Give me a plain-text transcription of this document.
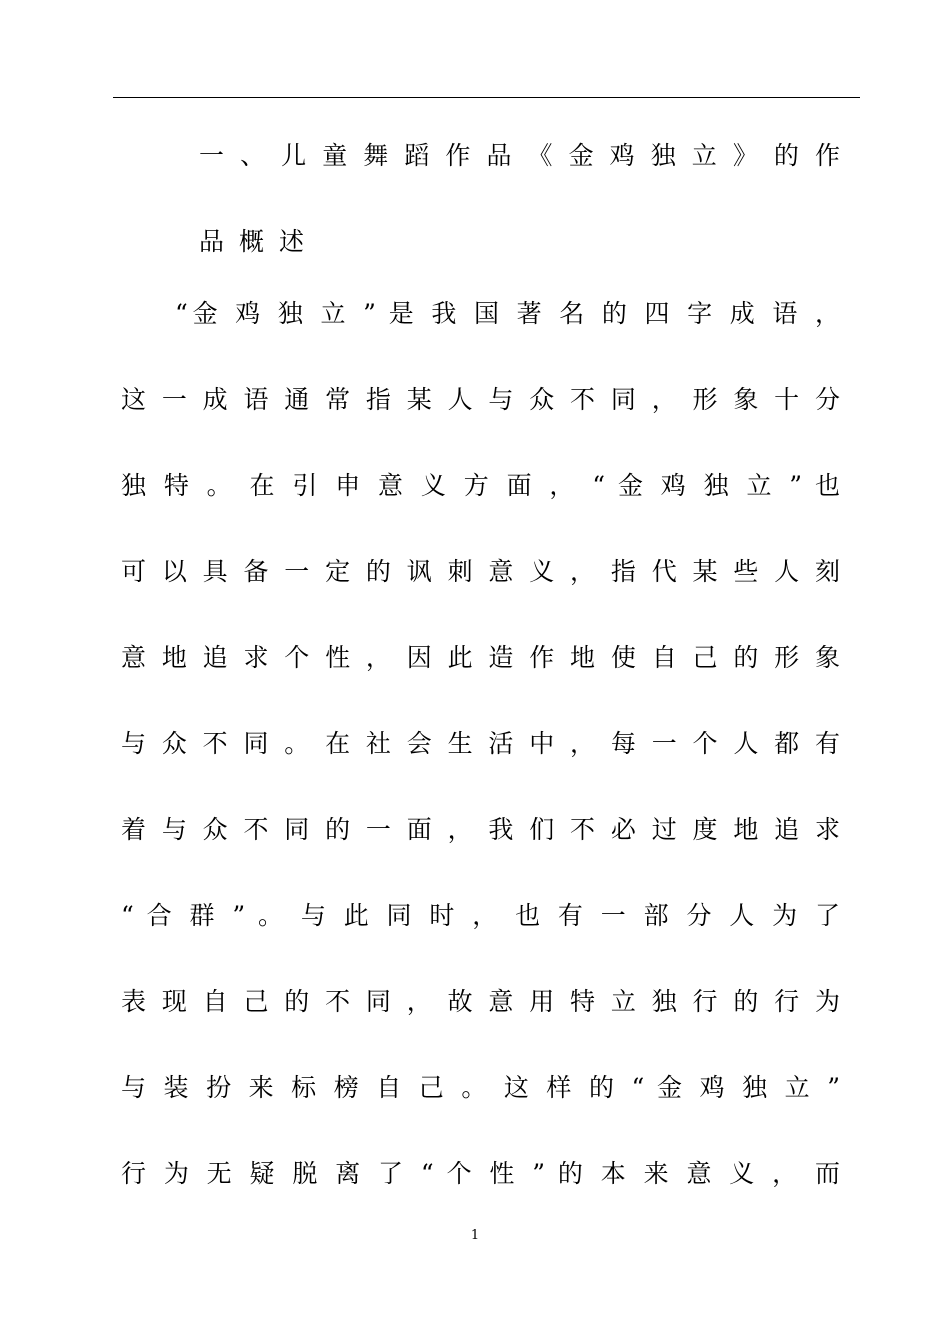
一 、 儿 童 舞 蹈 作 品 《 金 鸡 独 立 》 的 作
品 概 述

“金 鸡 独 立 ” 是 我 国 著 名 的 四 字 成 语 ，

这 一 成 语 通 常 指 某 人 与 众 不 同 ， 形 象 十 分

独 特 。 在 引 申 意 义 方 面 ， “ 金 鸡 独 立 ” 也

可 以 具 备 一 定 的 讽 刺 意 义 ， 指 代 某 些 人 刻

意 地 追 求 个 性 ， 因 此 造 作 地 使 自 己 的 形 象

与 众 不 同 。 在 社 会 生 活 中 ， 每 一 个 人 都 有

着 与 众 不 同 的 一 面 ， 我 们 不 必 过 度 地 追 求

“ 合 群 ” 。 与 此 同 时 ， 也 有 一 部 分 人 为 了

表 现 自 己 的 不 同 ， 故 意 用 特 立 独 行 的 行 为

与 装 扮 来 标 榜 自 己 。 这 样 的 “ 金 鸡 独 立 ”

行 为 无 疑 脱 离 了 “ 个 性 ” 的 本 来 意 义 ， 而

1
